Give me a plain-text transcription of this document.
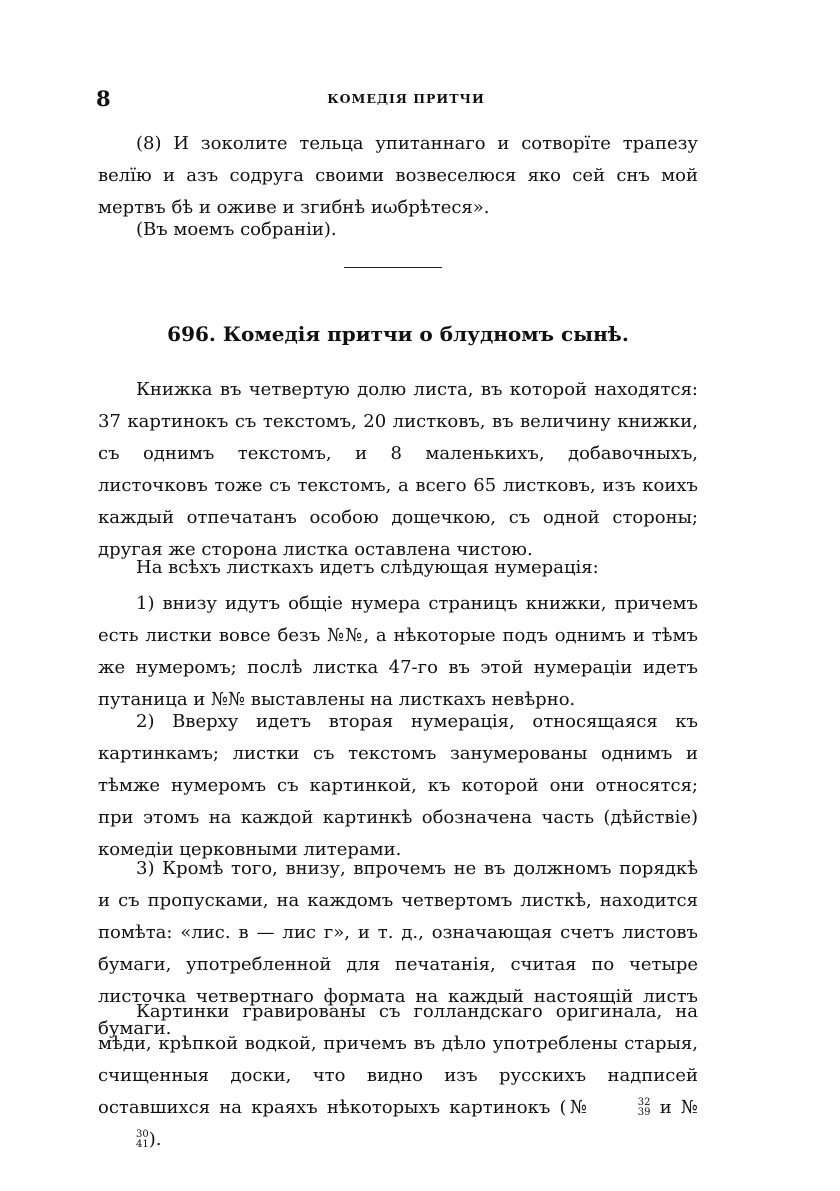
8	КОМЕДІЯ ПРИТЧИ

(8) И зоколите тельца упитаннаго и сотворїте трапезу велїю и азъ содруга своими возвеселюся яко сей снъ мой мертвъ бѣ и оживе и згибнѣ иωбрѣтеся».

(Въ моемъ собраніи).

696. Комедія притчи о блудномъ сынѣ.

Книжка въ четвертую долю листа, въ которой находятся: 37 картинокъ съ текстомъ, 20 листковъ, въ величину книжки, съ однимъ текстомъ, и 8 маленькихъ, добавочныхъ, листочковъ тоже съ текстомъ, а всего 65 листковъ, изъ коихъ каждый отпечатанъ особою дощечкою, съ одной стороны; другая же сторона листка оставлена чистою.

На всѣхъ листкахъ идетъ слѣдующая нумерація:

1) внизу идутъ общіе нумера страницъ книжки, причемъ есть листки вовсе безъ №№, а нѣкоторые подъ однимъ и тѣмъ же нумеромъ; послѣ листка 47-го въ этой нумераціи идетъ путаница и №№ выставлены на листкахъ невѣрно.

2) Вверху идетъ вторая нумерація, относящаяся къ картинкамъ; листки съ текстомъ занумерованы однимъ и тѣмже нумеромъ съ картинкой, къ которой они относятся; при этомъ на каждой картинкѣ обозначена часть (дѣйствіе) комедіи церковными литерами.

3) Кромѣ того, внизу, впрочемъ не въ должномъ порядкѣ и съ пропусками, на каждомъ четвертомъ листкѣ, находится помѣта: «лис. в — лис г», и т. д., означающая счетъ листовъ бумаги, употребленной для печатанія, считая по четыре листочка четвертнаго формата на каждый настоящій листъ бумаги.

Картинки гравированы съ голландскаго оригинала, на мѣди, крѣпкой водкой, причемъ въ дѣло употреблены старыя, счищенныя доски, что видно изъ русскихъ надписей оставшихся на краяхъ нѣкоторыхъ картинокъ (№	32
39 и №
30
41 ).
